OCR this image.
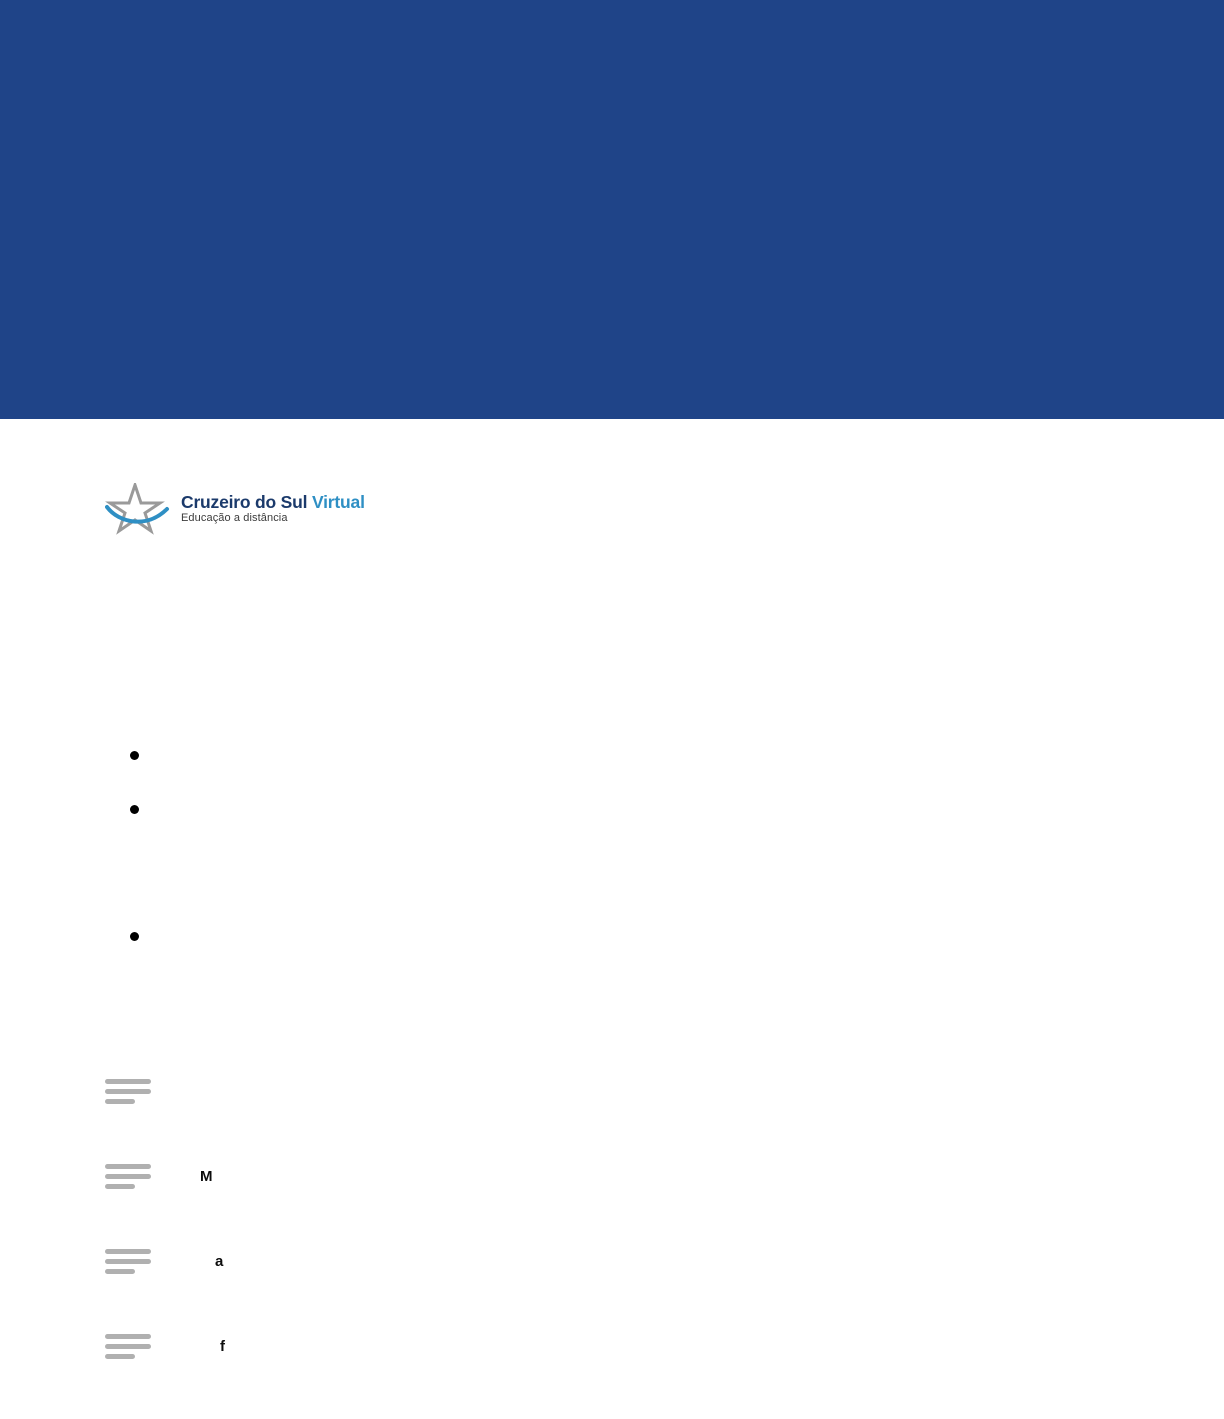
Cruzeiro do Sul Virtual
Educação a distância

M
a
f
